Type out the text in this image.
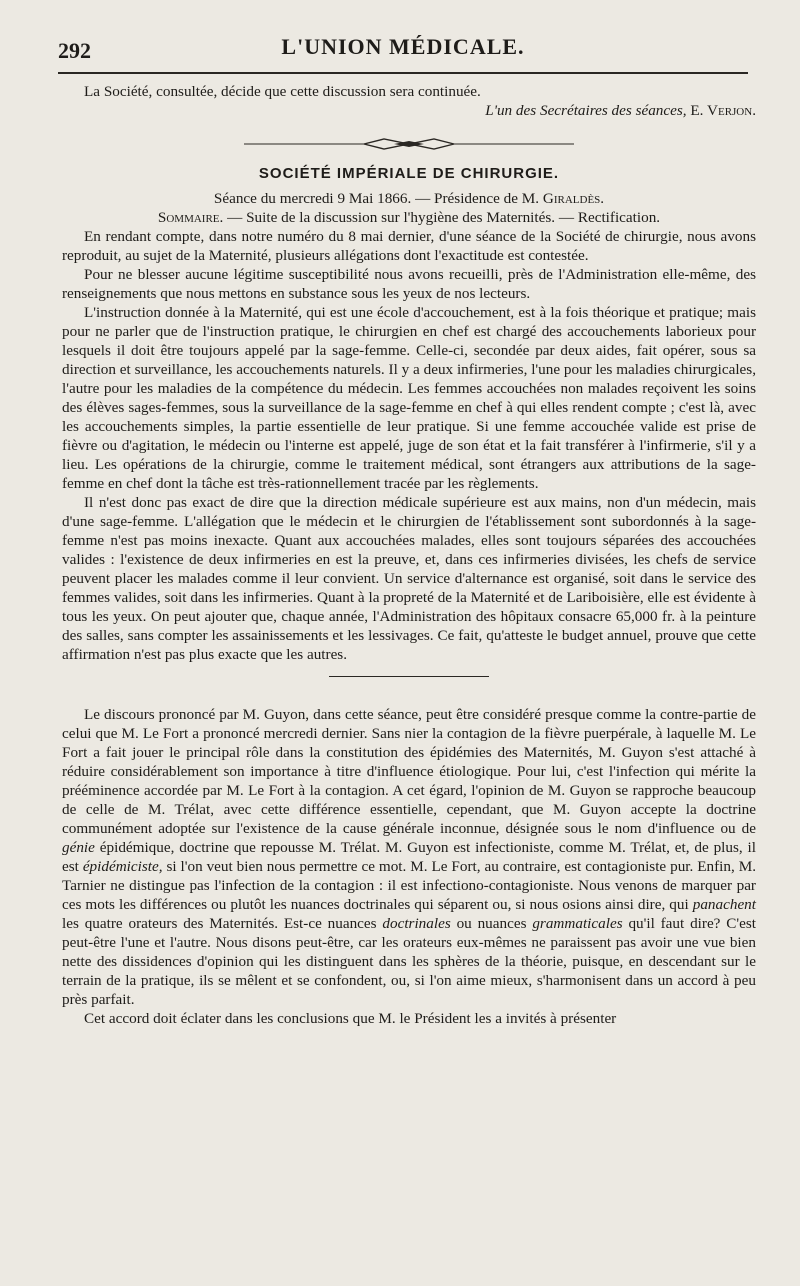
292	L'UNION MÉDICALE.

La Société, consultée, décide que cette discussion sera continuée.

L'un des Secrétaires des séances, E. Verjon.

SOCIÉTÉ IMPÉRIALE DE CHIRURGIE.

Séance du mercredi 9 Mai 1866. — Présidence de M. Giraldès.

Sommaire. — Suite de la discussion sur l'hygiène des Maternités. — Rectification.

En rendant compte, dans notre numéro du 8 mai dernier, d'une séance de la Société de chirurgie, nous avons reproduit, au sujet de la Maternité, plusieurs allégations dont l'exactitude est contestée.

Pour ne blesser aucune légitime susceptibilité nous avons recueilli, près de l'Administration elle-même, des renseignements que nous mettons en substance sous les yeux de nos lecteurs.

L'instruction donnée à la Maternité, qui est une école d'accouchement, est à la fois théorique et pratique; mais pour ne parler que de l'instruction pratique, le chirurgien en chef est chargé des accouchements laborieux pour lesquels il doit être toujours appelé par la sage-femme. Celle-ci, secondée par deux aides, fait opérer, sous sa direction et surveillance, les accouchements naturels. Il y a deux infirmeries, l'une pour les maladies chirurgicales, l'autre pour les maladies de la compétence du médecin. Les femmes accouchées non malades reçoivent les soins des élèves sages-femmes, sous la surveillance de la sage-femme en chef à qui elles rendent compte ; c'est là, avec les accouchements simples, la partie essentielle de leur pratique. Si une femme accouchée valide est prise de fièvre ou d'agitation, le médecin ou l'interne est appelé, juge de son état et la fait transférer à l'infirmerie, s'il y a lieu. Les opérations de la chirurgie, comme le traitement médical, sont étrangers aux attributions de la sage-femme en chef dont la tâche est très-rationnellement tracée par les règlements.

Il n'est donc pas exact de dire que la direction médicale supérieure est aux mains, non d'un médecin, mais d'une sage-femme. L'allégation que le médecin et le chirurgien de l'établissement sont subordonnés à la sage-femme n'est pas moins inexacte. Quant aux accouchées malades, elles sont toujours séparées des accouchées valides : l'existence de deux infirmeries en est la preuve, et, dans ces infirmeries divisées, les chefs de service peuvent placer les malades comme il leur convient. Un service d'alternance est organisé, soit dans le service des femmes valides, soit dans les infirmeries. Quant à la propreté de la Maternité et de Lariboisière, elle est évidente à tous les yeux. On peut ajouter que, chaque année, l'Administration des hôpitaux consacre 65,000 fr. à la peinture des salles, sans compter les assainissements et les lessivages. Ce fait, qu'atteste le budget annuel, prouve que cette affirmation n'est pas plus exacte que les autres.

Le discours prononcé par M. Guyon, dans cette séance, peut être considéré presque comme la contre-partie de celui que M. Le Fort a prononcé mercredi dernier. Sans nier la contagion de la fièvre puerpérale, à laquelle M. Le Fort a fait jouer le principal rôle dans la constitution des épidémies des Maternités, M. Guyon s'est attaché à réduire considérablement son importance à titre d'influence étiologique. Pour lui, c'est l'infection qui mérite la prééminence accordée par M. Le Fort à la contagion. A cet égard, l'opinion de M. Guyon se rapproche beaucoup de celle de M. Trélat, avec cette différence essentielle, cependant, que M. Guyon accepte la doctrine communément adoptée sur l'existence de la cause générale inconnue, désignée sous le nom d'influence ou de génie épidémique, doctrine que repousse M. Trélat. M. Guyon est infectioniste, comme M. Trélat, et, de plus, il est épidémiciste, si l'on veut bien nous permettre ce mot. M. Le Fort, au contraire, est contagioniste pur. Enfin, M. Tarnier ne distingue pas l'infection de la contagion : il est infectiono-contagioniste. Nous venons de marquer par ces mots les différences ou plutôt les nuances doctrinales qui séparent ou, si nous osions ainsi dire, qui panachent les quatre orateurs des Maternités. Est-ce nuances doctrinales ou nuances grammaticales qu'il faut dire? C'est peut-être l'une et l'autre. Nous disons peut-être, car les orateurs eux-mêmes ne paraissent pas avoir une vue bien nette des dissidences d'opinion qui les distinguent dans les sphères de la théorie, puisque, en descendant sur le terrain de la pratique, ils se mêlent et se confondent, ou, si l'on aime mieux, s'harmonisent dans un accord à peu près parfait.

Cet accord doit éclater dans les conclusions que M. le Président les a invités à présenter
